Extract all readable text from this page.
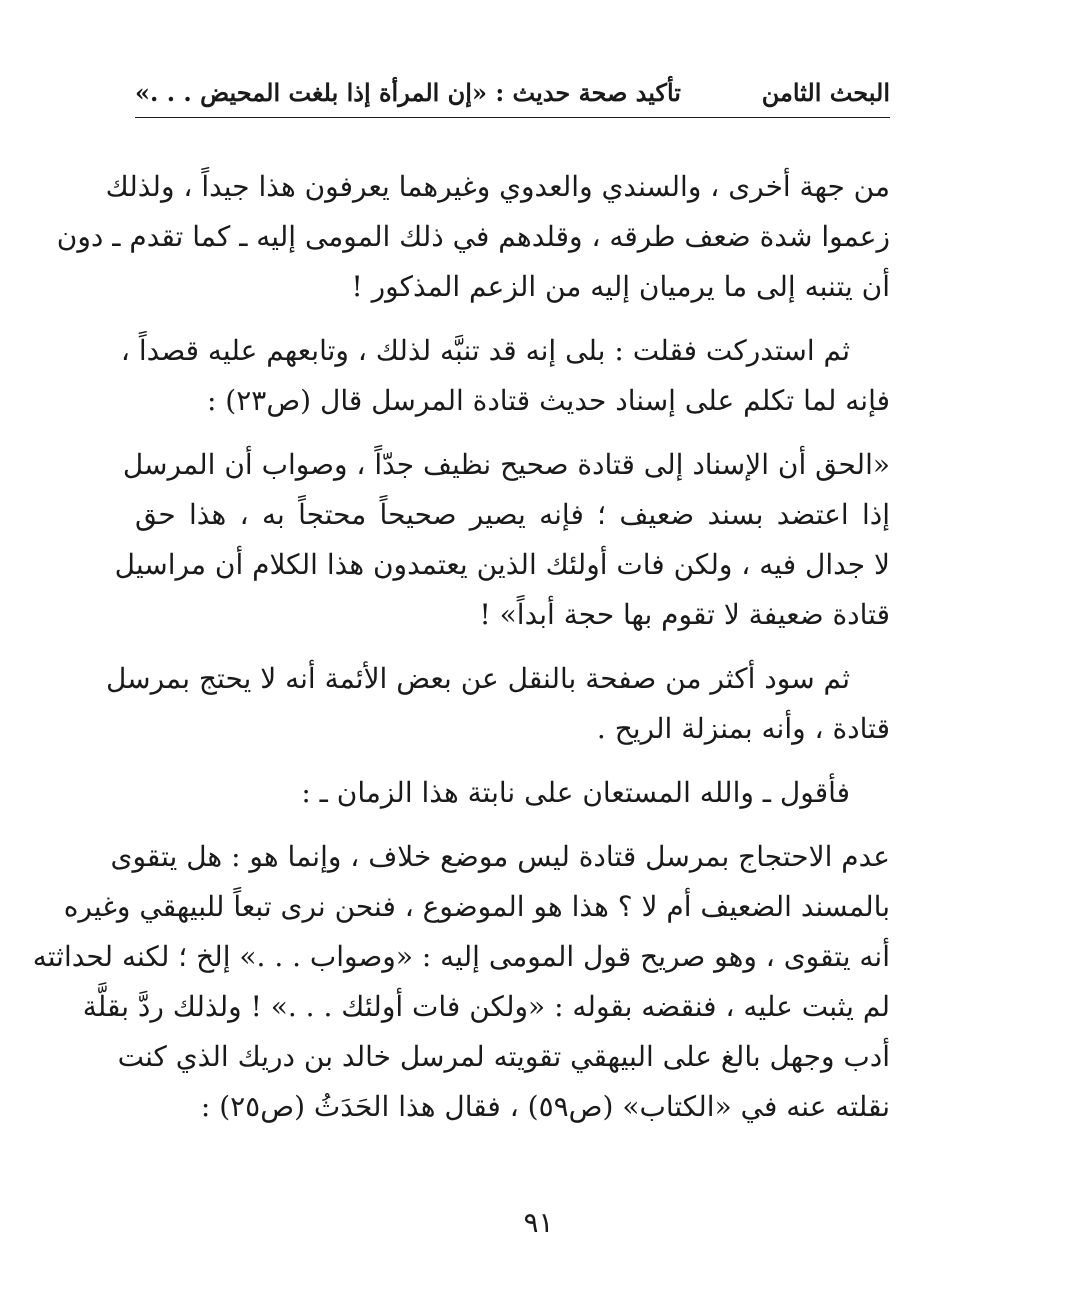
البحث الثامن
تأكيد صحة حديث : «إن المرأة إذا بلغت المحيض . . .»
من جهة أخرى ، والسندي والعدوي وغيرهما يعرفون هذا جيداً ، ولذلك
زعموا شدة ضعف طرقه ، وقلدهم في ذلك المومى إليه ـ كما تقدم ـ دون
أن يتنبه إلى ما يرميان إليه من الزعم المذكور !
ثم استدركت فقلت : بلى إنه قد تنبَّه لذلك ، وتابعهم عليه قصداً ،
فإنه لما تكلم على إسناد حديث قتادة المرسل قال (ص٢٣) :
«الحق أن الإسناد إلى قتادة صحيح نظيف جدّاً ، وصواب أن المرسل
إذا اعتضد بسند ضعيف ؛ فإنه يصير صحيحاً محتجاً به ، هذا حق
لا جدال فيه ، ولكن فات أولئك الذين يعتمدون هذا الكلام أن مراسيل
قتادة ضعيفة لا تقوم بها حجة أبداً» !
ثم سود أكثر من صفحة بالنقل عن بعض الأئمة أنه لا يحتج بمرسل
قتادة ، وأنه بمنزلة الريح .
فأقول ـ والله المستعان على نابتة هذا الزمان ـ :
عدم الاحتجاج بمرسل قتادة ليس موضع خلاف ، وإنما هو : هل يتقوى
بالمسند الضعيف أم لا ؟ هذا هو الموضوع ، فنحن نرى تبعاً للبيهقي وغيره
أنه يتقوى ، وهو صريح قول المومى إليه : «وصواب . . .» إلخ ؛ لكنه لحداثته
لم يثبت عليه ، فنقضه بقوله : «ولكن فات أولئك . . .» ! ولذلك ردَّ بقلَّة
أدب وجهل بالغ على البيهقي تقويته لمرسل خالد بن دريك الذي كنت
نقلته عنه في «الكتاب» (ص٥٩) ، فقال هذا الحَدَثُ (ص٢٥) :
٩١
